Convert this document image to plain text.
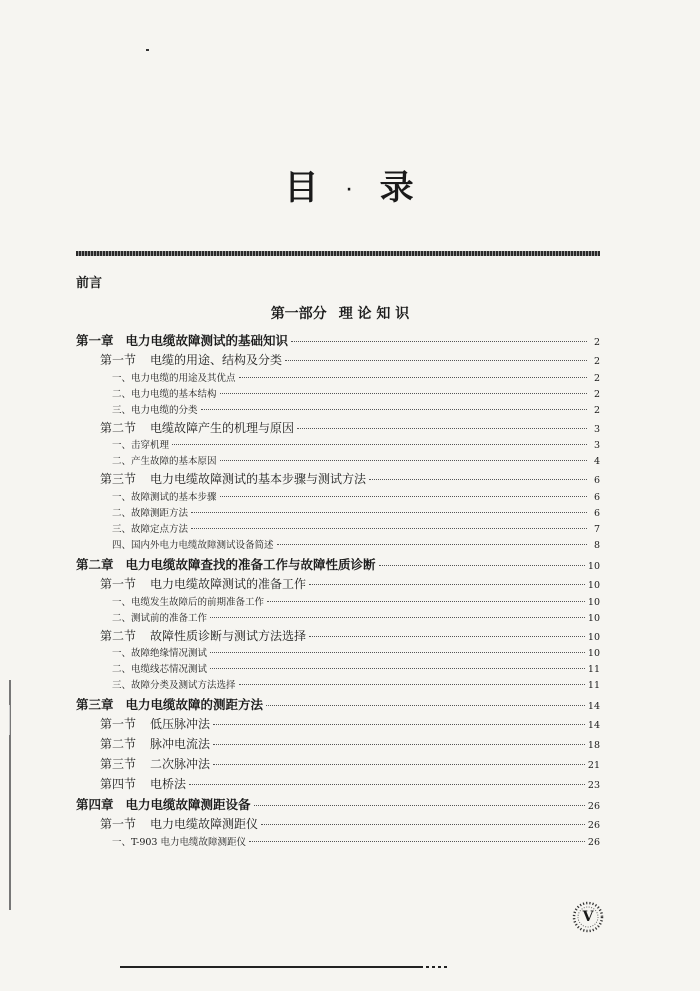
目 · 录
前言
第一部分 理 论 知 识
第一章 电力电缆故障测试的基础知识	2
第一节 电缆的用途、结构及分类	2
一、 电力电缆的用途及其优点	2
二、 电力电缆的基本结构	2
三、 电力电缆的分类	2
第二节 电缆故障产生的机理与原因	3
一、 击穿机理	3
二、 产生故障的基本原因	4
第三节 电力电缆故障测试的基本步骤与测试方法	6
一、 故障测试的基本步骤	6
二、 故障测距方法	6
三、 故障定点方法	7
四、 国内外电力电缆故障测试设备简述	8
第二章 电力电缆故障查找的准备工作与故障性质诊断	10
第一节 电力电缆故障测试的准备工作	10
一、 电缆发生故障后的前期准备工作	10
二、 测试前的准备工作	10
第二节 故障性质诊断与测试方法选择	10
一、 故障绝缘情况测试	10
二、 电缆线芯情况测试	11
三、 故障分类及测试方法选择	11
第三章 电力电缆故障的测距方法	14
第一节 低压脉冲法	14
第二节 脉冲电流法	18
第三节 二次脉冲法	21
第四节 电桥法	23
第四章 电力电缆故障测距设备	26
第一节 电力电缆故障测距仪	26
一、 T-903 电力电缆故障测距仪	26
V
